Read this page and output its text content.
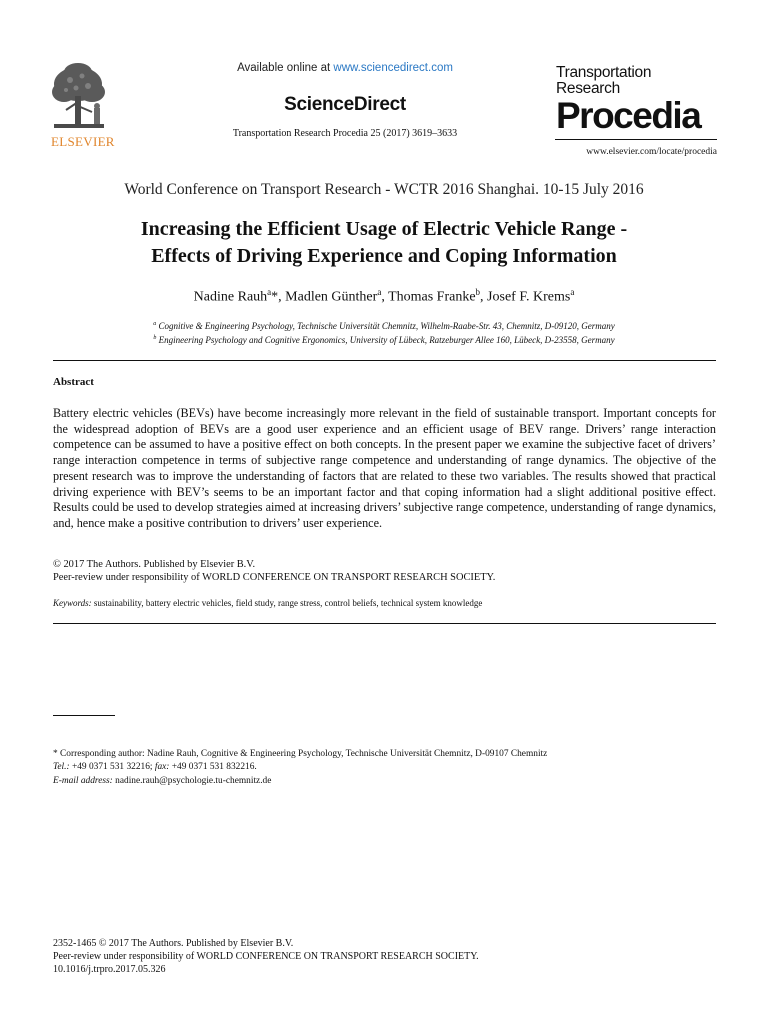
ELSEVIER
Available online at www.sciencedirect.com
ScienceDirect
Transportation Research Procedia 25 (2017) 3619–3633
Transportation
Research
Procedia
www.elsevier.com/locate/procedia
World Conference on Transport Research - WCTR 2016 Shanghai. 10-15 July 2016
Increasing the Efficient Usage of Electric Vehicle Range -
Effects of Driving Experience and Coping Information
Nadine Rauh$^a$*, Madlen Günther$^a$, Thomas Franke$^b$, Josef F. Krems$^a$
$^a$ Cognitive & Engineering Psychology, Technische Universität Chemnitz, Wilhelm-Raabe-Str. 43, Chemnitz, D-09120, Germany
$^b$ Engineering Psychology and Cognitive Ergonomics, University of Lübeck, Ratzeburger Allee 160, Lübeck, D-23558, Germany
Abstract
Battery electric vehicles (BEVs) have become increasingly more relevant in the field of sustainable transport. Important concepts for the widespread adoption of BEVs are a good user experience and an efficient usage of BEV range. Drivers’ range interaction competence can be assumed to have a positive effect on both concepts. In the present paper we examine the subjective facet of drivers’ range interaction competence in terms of subjective range competence and understanding of range dynamics. The objective of the present research was to improve the understanding of factors that are related to these two variables. The results showed that practical driving experience with BEV’s seems to be an important factor and that coping information had a slight additional positive effect. Results could be used to develop strategies aimed at increasing drivers’ subjective range competence, understanding of range dynamics, and, hence make a positive contribution to drivers’ user experience.
© 2017 The Authors. Published by Elsevier B.V.
Peer-review under responsibility of WORLD CONFERENCE ON TRANSPORT RESEARCH SOCIETY.
Keywords: sustainability, battery electric vehicles, field study, range stress, control beliefs, technical system knowledge
* Corresponding author: Nadine Rauh, Cognitive & Engineering Psychology, Technische Universität Chemnitz, D-09107 Chemnitz
Tel.: +49 0371 531 32216; fax: +49 0371 531 832216.
E-mail address: nadine.rauh@psychologie.tu-chemnitz.de
2352-1465 © 2017 The Authors. Published by Elsevier B.V.
Peer-review under responsibility of WORLD CONFERENCE ON TRANSPORT RESEARCH SOCIETY.
10.1016/j.trpro.2017.05.326
